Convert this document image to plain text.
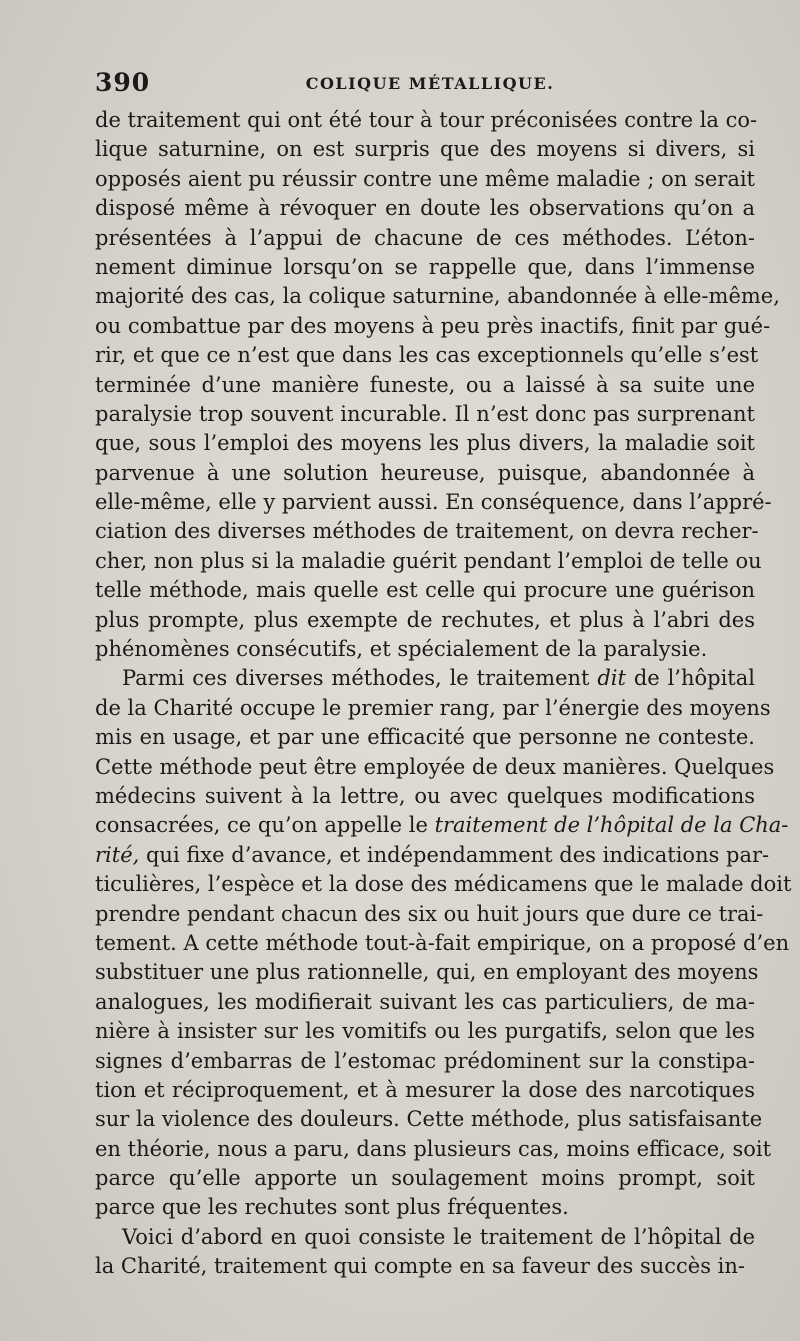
390	COLIQUE MÉTALLIQUE.
de traitement qui ont été tour à tour préconisées contre la co-
lique saturnine, on est surpris que des moyens si divers, si
opposés aient pu réussir contre une même maladie ; on serait
disposé même à révoquer en doute les observations qu’on a
présentées à l’appui de chacune de ces méthodes. L’éton-
nement diminue lorsqu’on se rappelle que, dans l’immense
majorité des cas, la colique saturnine, abandonnée à elle-même,
ou combattue par des moyens à peu près inactifs, finit par gué-
rir, et que ce n’est que dans les cas exceptionnels qu’elle s’est
terminée d’une manière funeste, ou a laissé à sa suite une
paralysie trop souvent incurable. Il n’est donc pas surprenant
que, sous l’emploi des moyens les plus divers, la maladie soit
parvenue à une solution heureuse, puisque, abandonnée à
elle-même, elle y parvient aussi. En conséquence, dans l’appré-
ciation des diverses méthodes de traitement, on devra recher-
cher, non plus si la maladie guérit pendant l’emploi de telle ou
telle méthode, mais quelle est celle qui procure une guérison
plus prompte, plus exempte de rechutes, et plus à l’abri des
phénomènes consécutifs, et spécialement de la paralysie.
Parmi ces diverses méthodes, le traitement dit de l’hôpital
de la Charité occupe le premier rang, par l’énergie des moyens
mis en usage, et par une efficacité que personne ne conteste.
Cette méthode peut être employée de deux manières. Quelques
médecins suivent à la lettre, ou avec quelques modifications
consacrées, ce qu’on appelle le traitement de l’hôpital de la Cha-
rité, qui fixe d’avance, et indépendamment des indications par-
ticulières, l’espèce et la dose des médicamens que le malade doit
prendre pendant chacun des six ou huit jours que dure ce trai-
tement. A cette méthode tout-à-fait empirique, on a proposé d’en
substituer une plus rationnelle, qui, en employant des moyens
analogues, les modifierait suivant les cas particuliers, de ma-
nière à insister sur les vomitifs ou les purgatifs, selon que les
signes d’embarras de l’estomac prédominent sur la constipa-
tion et réciproquement, et à mesurer la dose des narcotiques
sur la violence des douleurs. Cette méthode, plus satisfaisante
en théorie, nous a paru, dans plusieurs cas, moins efficace, soit
parce qu’elle apporte un soulagement moins prompt, soit
parce que les rechutes sont plus fréquentes.
Voici d’abord en quoi consiste le traitement de l’hôpital de
la Charité, traitement qui compte en sa faveur des succès in-
